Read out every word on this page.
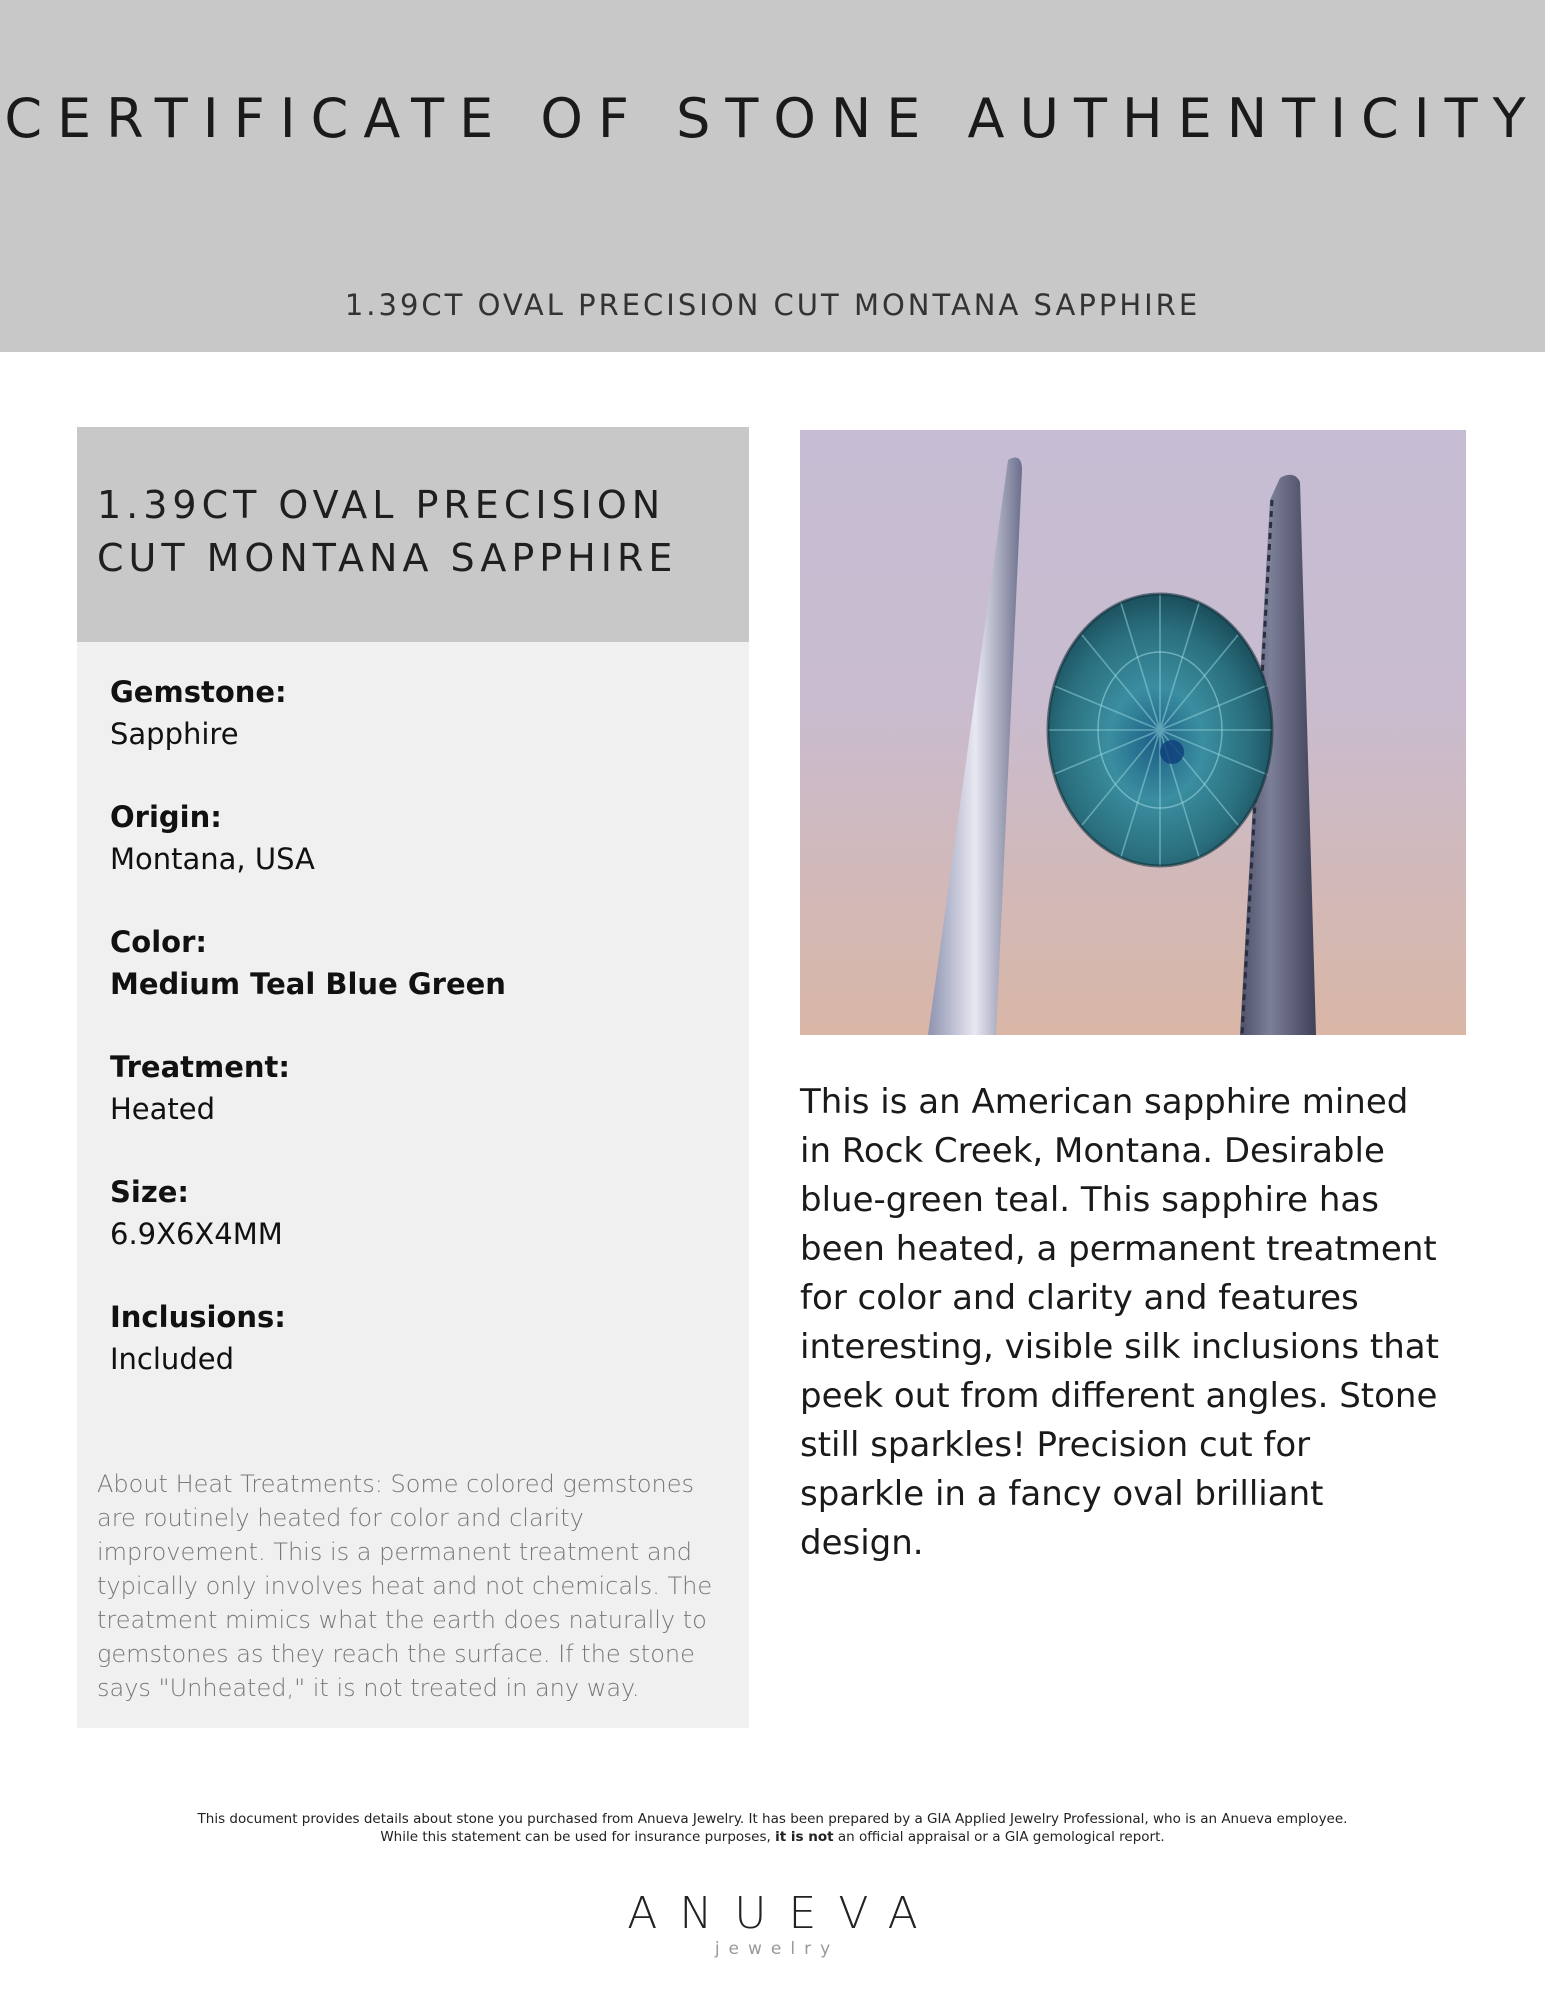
CERTIFICATE OF STONE AUTHENTICITY
1.39CT OVAL PRECISION CUT MONTANA SAPPHIRE
1.39CT OVAL PRECISION CUT MONTANA SAPPHIRE
Gemstone:
Sapphire
Origin:
Montana, USA
Color:
Medium Teal Blue Green
Treatment:
Heated
Size:
6.9X6X4MM
Inclusions:
Included
About Heat Treatments: Some colored gemstones are routinely heated for color and clarity improvement. This is a permanent treatment and typically only involves heat and not chemicals. The treatment mimics what the earth does naturally to gemstones as they reach the surface. If the stone says "Unheated," it is not treated in any way.
This is an American sapphire mined in Rock Creek, Montana. Desirable blue-green teal. This sapphire has been heated, a permanent treatment for color and clarity and features interesting, visible silk inclusions that peek out from different angles. Stone still sparkles! Precision cut for sparkle in a fancy oval brilliant design.
This document provides details about stone you purchased from Anueva Jewelry. It has been prepared by a GIA Applied Jewelry Professional, who is an Anueva employee.
While this statement can be used for insurance purposes, it is not an official appraisal or a GIA gemological report.
ANUEVA
jewelry
